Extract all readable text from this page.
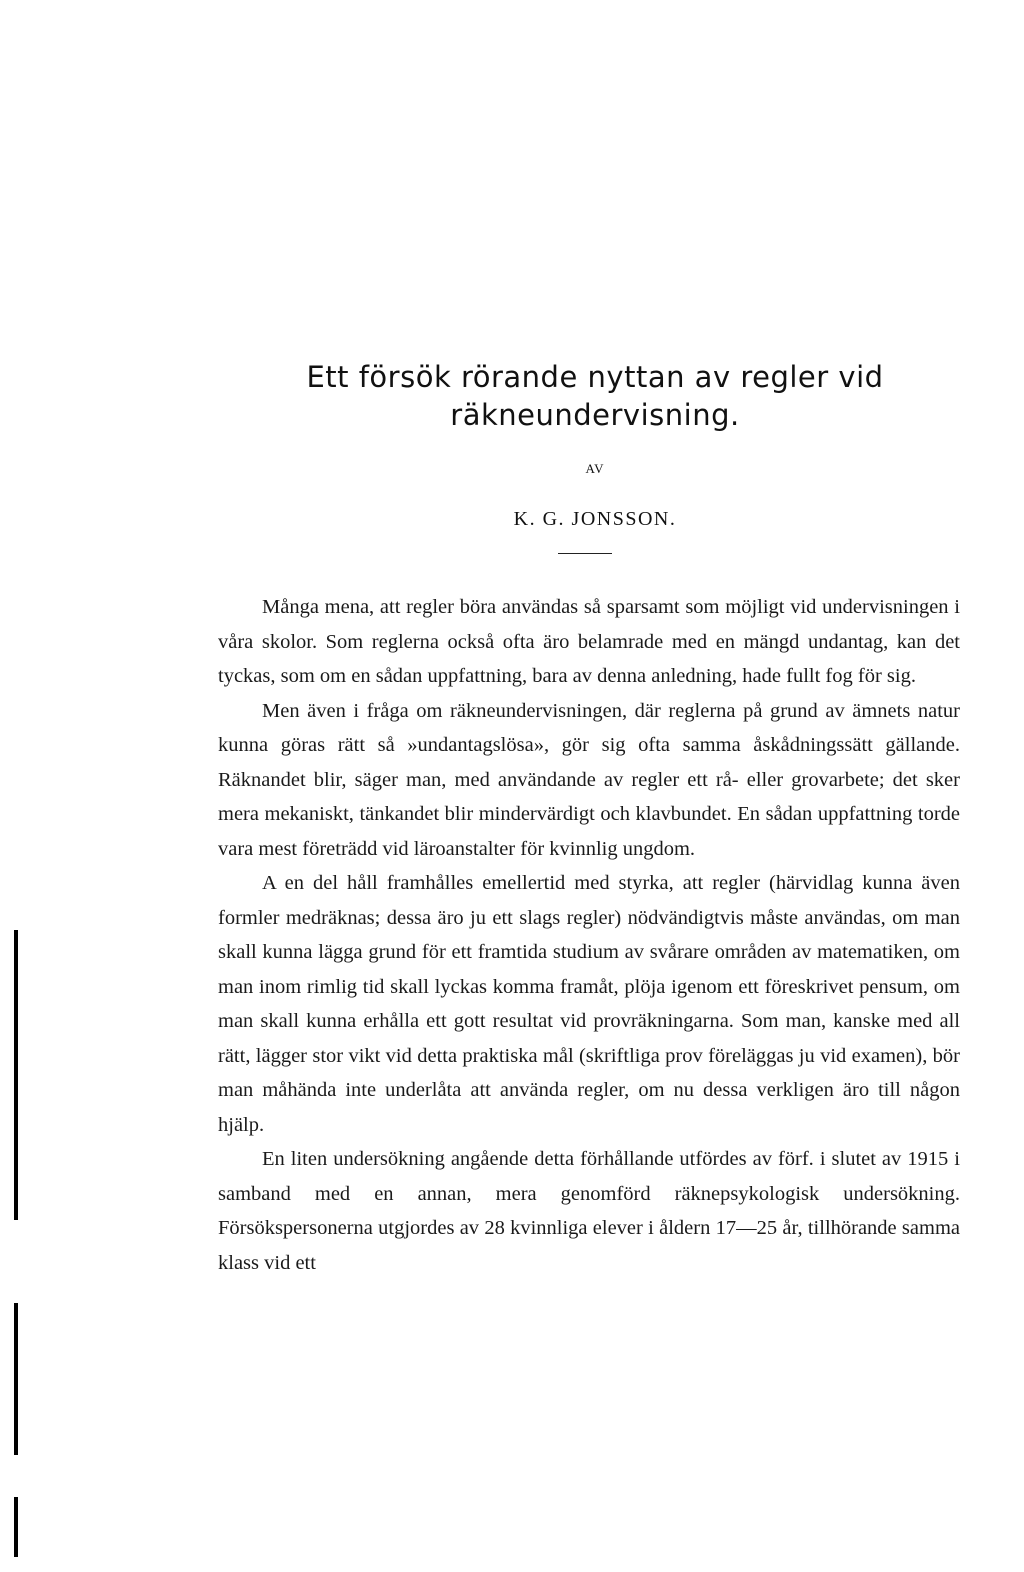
Ett försök rörande nyttan av regler vid
räkneundervisning.
AV
K. G. JONSSON.

Många mena, att regler böra användas så sparsamt som möjligt vid undervisningen i våra skolor. Som reglerna också ofta äro belamrade med en mängd undantag, kan det tyckas, som om en sådan uppfattning, bara av denna anledning, hade fullt fog för sig.

Men även i fråga om räkneundervisningen, där reglerna på grund av ämnets natur kunna göras rätt så »undantagslösa», gör sig ofta samma åskådningssätt gällande. Räknandet blir, säger man, med användande av regler ett rå- eller grovarbete; det sker mera mekaniskt, tänkandet blir mindervärdigt och klavbundet. En sådan uppfattning torde vara mest företrädd vid läroanstalter för kvinnlig ungdom.

A en del håll framhålles emellertid med styrka, att regler (härvidlag kunna även formler medräknas; dessa äro ju ett slags regler) nödvändigtvis måste användas, om man skall kunna lägga grund för ett framtida studium av svårare områden av matematiken, om man inom rimlig tid skall lyckas komma framåt, plöja igenom ett föreskrivet pensum, om man skall kunna erhålla ett gott resultat vid provräkningarna. Som man, kanske med all rätt, lägger stor vikt vid detta praktiska mål (skriftliga prov föreläggas ju vid examen), bör man måhända inte underlåta att använda regler, om nu dessa verkligen äro till någon hjälp.

En liten undersökning angående detta förhållande utfördes av förf. i slutet av 1915 i samband med en annan, mera genomförd räknepsykologisk undersökning. Försökspersonerna utgjordes av 28 kvinnliga elever i åldern 17—25 år, tillhörande samma klass vid ett
